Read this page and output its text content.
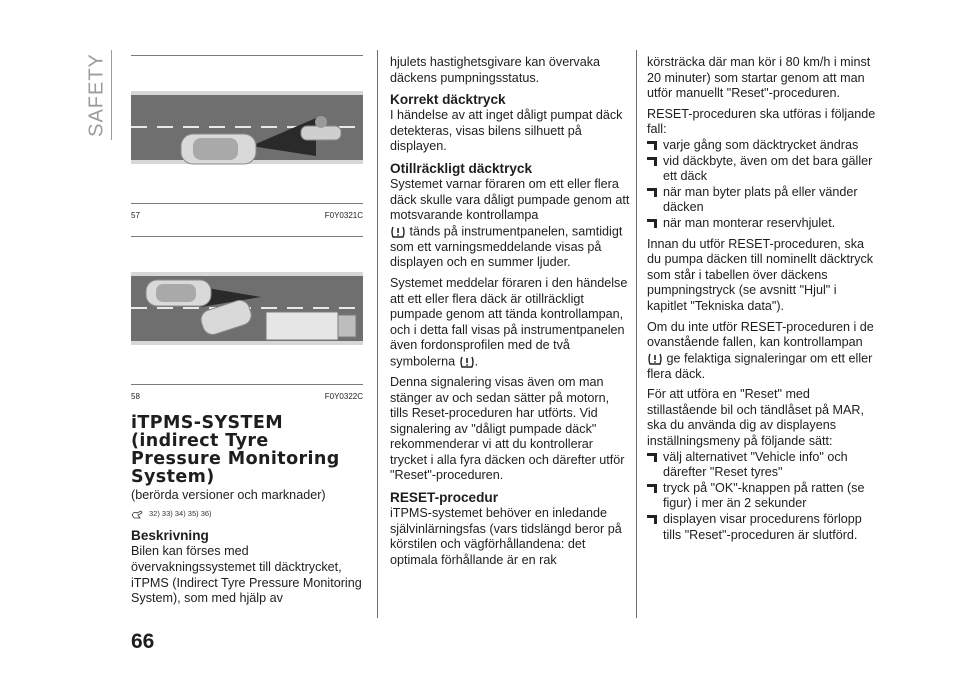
SAFETY
57	F0Y0321C
58	F0Y0322C
iTPMS-SYSTEM (indirect Tyre Pressure Monitoring System)

(berörda versioner och marknader)

32) 33) 34) 35) 36)
Beskrivning

Bilen kan förses med övervakningssystemet till däcktrycket, iTPMS (Indirect Tyre Pressure Monitoring System), som med hjälp av

hjulets hastighetsgivare kan övervaka däckens pumpningsstatus.

Korrekt däcktryck

I händelse av att inget dåligt pumpat däck detekteras, visas bilens silhuett på displayen.

Otillräckligt däcktryck

Systemet varnar föraren om ett eller flera däck skulle vara dåligt pumpade genom att motsvarande kontrollampa
tänds på instrumentpanelen, samtidigt som ett varningsmeddelande visas på displayen och en summer ljuder.

Systemet meddelar föraren i den händelse att ett eller flera däck är otillräckligt pumpade genom att tända kontrollampan, och i detta fall visas på instrumentpanelen även fordonsprofilen med de två symbolerna .

Denna signalering visas även om man stänger av och sedan sätter på motorn, tills Reset-proceduren har utförts. Vid signalering av "dåligt pumpade däck" rekommenderar vi att du kontrollerar trycket i alla fyra däcken och därefter utför "Reset"-proceduren.

RESET-procedur

iTPMS-systemet behöver en inledande självinlärningsfas (vars tidslängd beror på körstilen och vägförhållandena: det optimala förhållande är en rak

körsträcka där man kör i 80 km/h i minst 20 minuter) som startar genom att man utför manuellt "Reset"-proceduren.

RESET-proceduren ska utföras i följande fall:

varje gång som däcktrycket ändras
vid däckbyte, även om det bara gäller ett däck
när man byter plats på eller vänder däcken
när man monterar reservhjulet.

Innan du utför RESET-proceduren, ska du pumpa däcken till nominellt däcktryck som står i tabellen över däckens pumpningstryck (se avsnitt "Hjul" i kapitlet "Tekniska data").

Om du inte utför RESET-proceduren i de ovanstående fallen, kan kontrollampan  ge felaktiga signaleringar om ett eller flera däck.

För att utföra en "Reset" med stillastående bil och tändlåset på MAR, ska du använda dig av displayens inställningsmeny på följande sätt:

välj alternativet "Vehicle info" och därefter "Reset tyres"
tryck på "OK"-knappen på ratten (se figur) i mer än 2 sekunder
displayen visar procedurens förlopp tills "Reset"-proceduren är slutförd.
66
